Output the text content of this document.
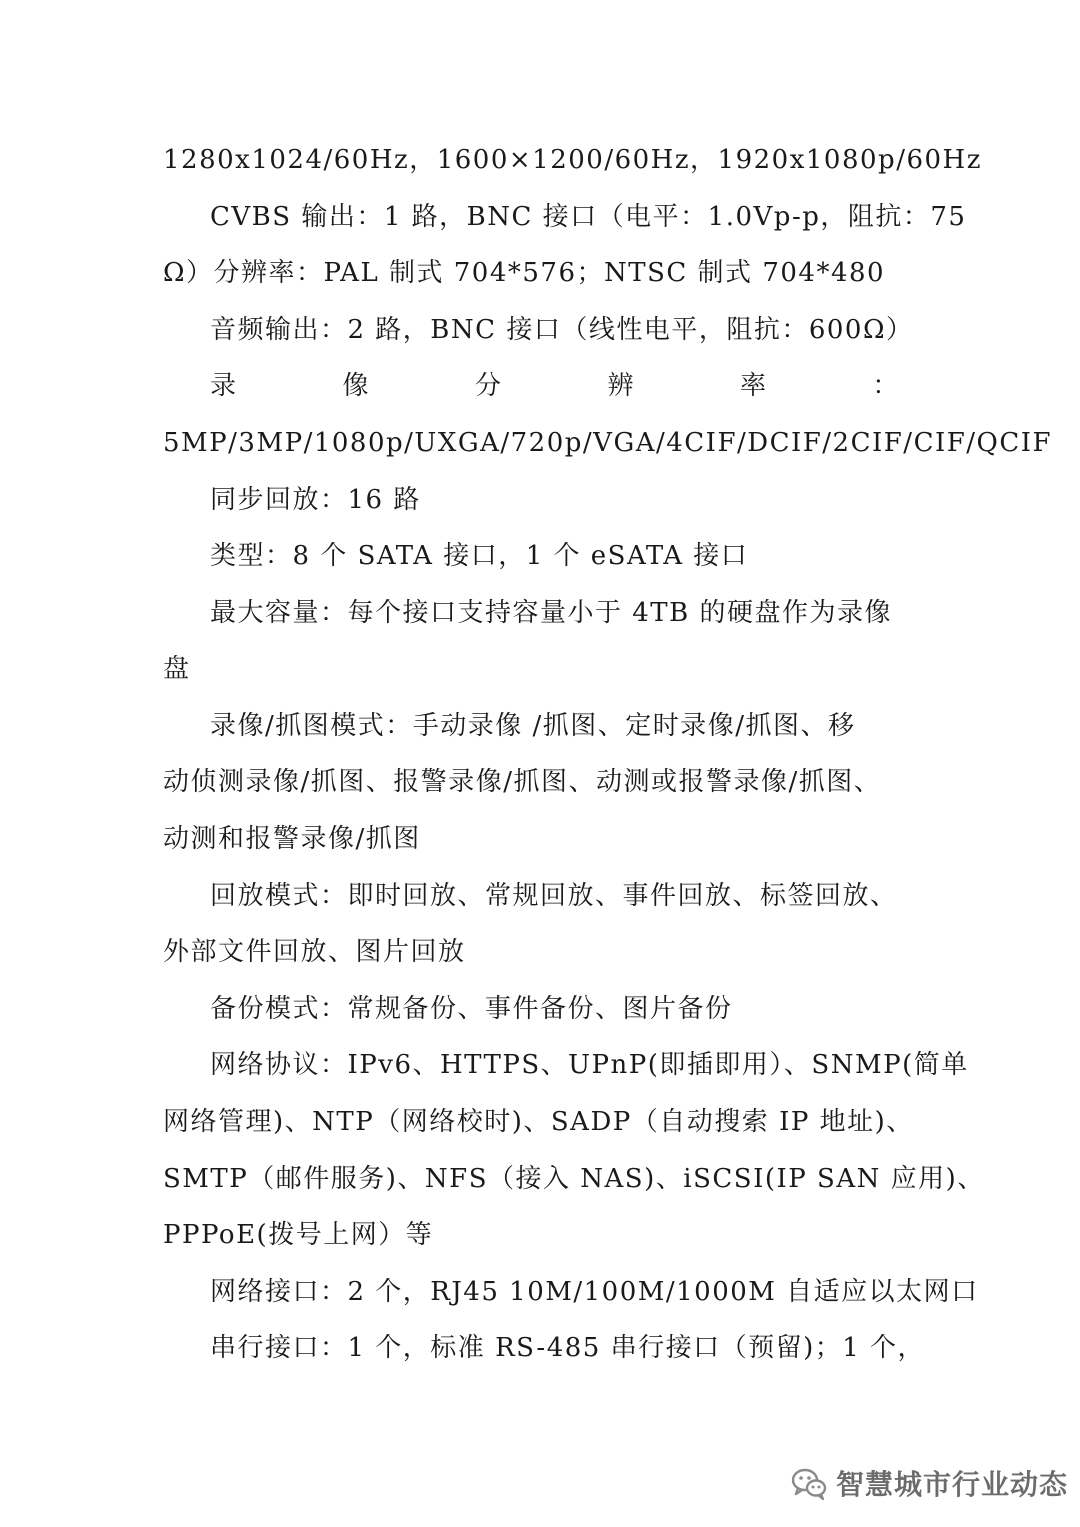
1280x1024/60Hz，1600×1200/60Hz，1920x1080p/60Hz
CVBS 输出：1 路，BNC 接口（电平：1.0Vp-p，阻抗：75
Ω）分辨率：PAL 制式 704*576；NTSC 制式 704*480
音频输出：2 路，BNC 接口（线性电平，阻抗：600Ω）
录	像	分	辨	率	：
5MP/3MP/1080p/UXGA/720p/VGA/4CIF/DCIF/2CIF/CIF/QCIF
同步回放：16 路
类型：8 个 SATA 接口，1 个 eSATA 接口
最大容量：每个接口支持容量小于 4TB 的硬盘作为录像
盘
录像/抓图模式：手动录像 /抓图、定时录像/抓图、移
动侦测录像/抓图、报警录像/抓图、动测或报警录像/抓图、
动测和报警录像/抓图
回放模式：即时回放、常规回放、事件回放、标签回放、
外部文件回放、图片回放
备份模式：常规备份、事件备份、图片备份
网络协议：IPv6、HTTPS、UPnP(即插即用）、SNMP(简单
网络管理)、NTP（网络校时)、SADP（自动搜索 IP 地址)、
SMTP（邮件服务)、NFS（接入 NAS)、iSCSI(IP SAN 应用)、
PPPoE(拨号上网）等
网络接口：2 个，RJ45 10M/100M/1000M 自适应以太网口
串行接口：1 个，标准 RS-485 串行接口（预留)；1 个，
智慧城市行业动态
